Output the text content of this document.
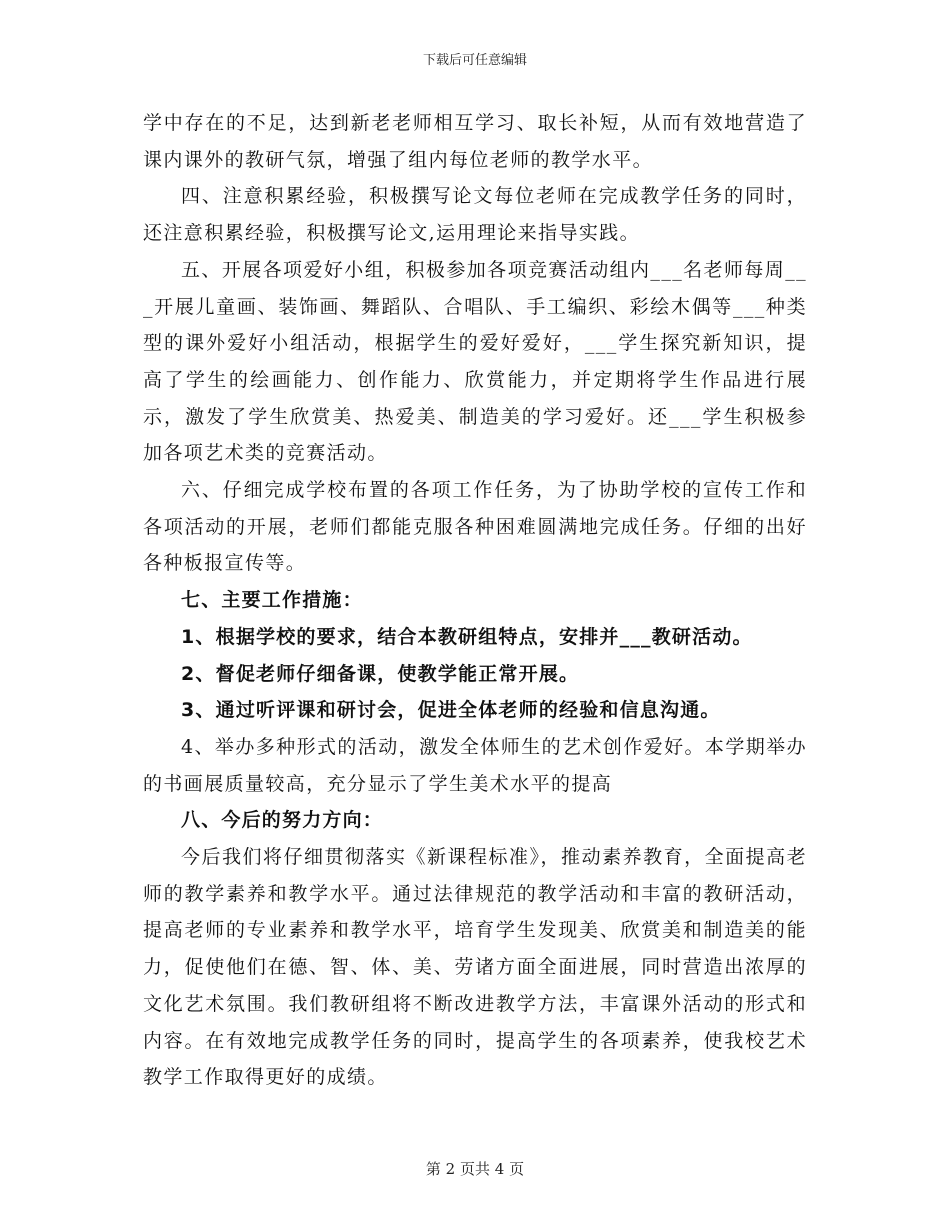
下载后可任意编辑

学中存在的不足，达到新老老师相互学习、取长补短，从而有效地营造了课内课外的教研气氛，增强了组内每位老师的教学水平。

四、注意积累经验，积极撰写论文每位老师在完成教学任务的同时，还注意积累经验，积极撰写论文,运用理论来指导实践。

五、开展各项爱好小组，积极参加各项竞赛活动组内___名老师每周___开展儿童画、装饰画、舞蹈队、合唱队、手工编织、彩绘木偶等___种类型的课外爱好小组活动，根据学生的爱好爱好，___学生探究新知识，提高了学生的绘画能力、创作能力、欣赏能力，并定期将学生作品进行展示，激发了学生欣赏美、热爱美、制造美的学习爱好。还___学生积极参加各项艺术类的竞赛活动。

六、仔细完成学校布置的各项工作任务，为了协助学校的宣传工作和各项活动的开展，老师们都能克服各种困难圆满地完成任务。仔细的出好各种板报宣传等。

七、主要工作措施：

1、根据学校的要求，结合本教研组特点，安排并___教研活动。

2、督促老师仔细备课，使教学能正常开展。

3、通过听评课和研讨会，促进全体老师的经验和信息沟通。

4、举办多种形式的活动，激发全体师生的艺术创作爱好。本学期举办的书画展质量较高，充分显示了学生美术水平的提高

八、今后的努力方向：

今后我们将仔细贯彻落实《新课程标准》，推动素养教育，全面提高老师的教学素养和教学水平。通过法律规范的教学活动和丰富的教研活动，提高老师的专业素养和教学水平，培育学生发现美、欣赏美和制造美的能力，促使他们在德、智、体、美、劳诸方面全面进展，同时营造出浓厚的文化艺术氛围。我们教研组将不断改进教学方法，丰富课外活动的形式和内容。在有效地完成教学任务的同时，提高学生的各项素养，使我校艺术教学工作取得更好的成绩。

第 2 页共 4 页
